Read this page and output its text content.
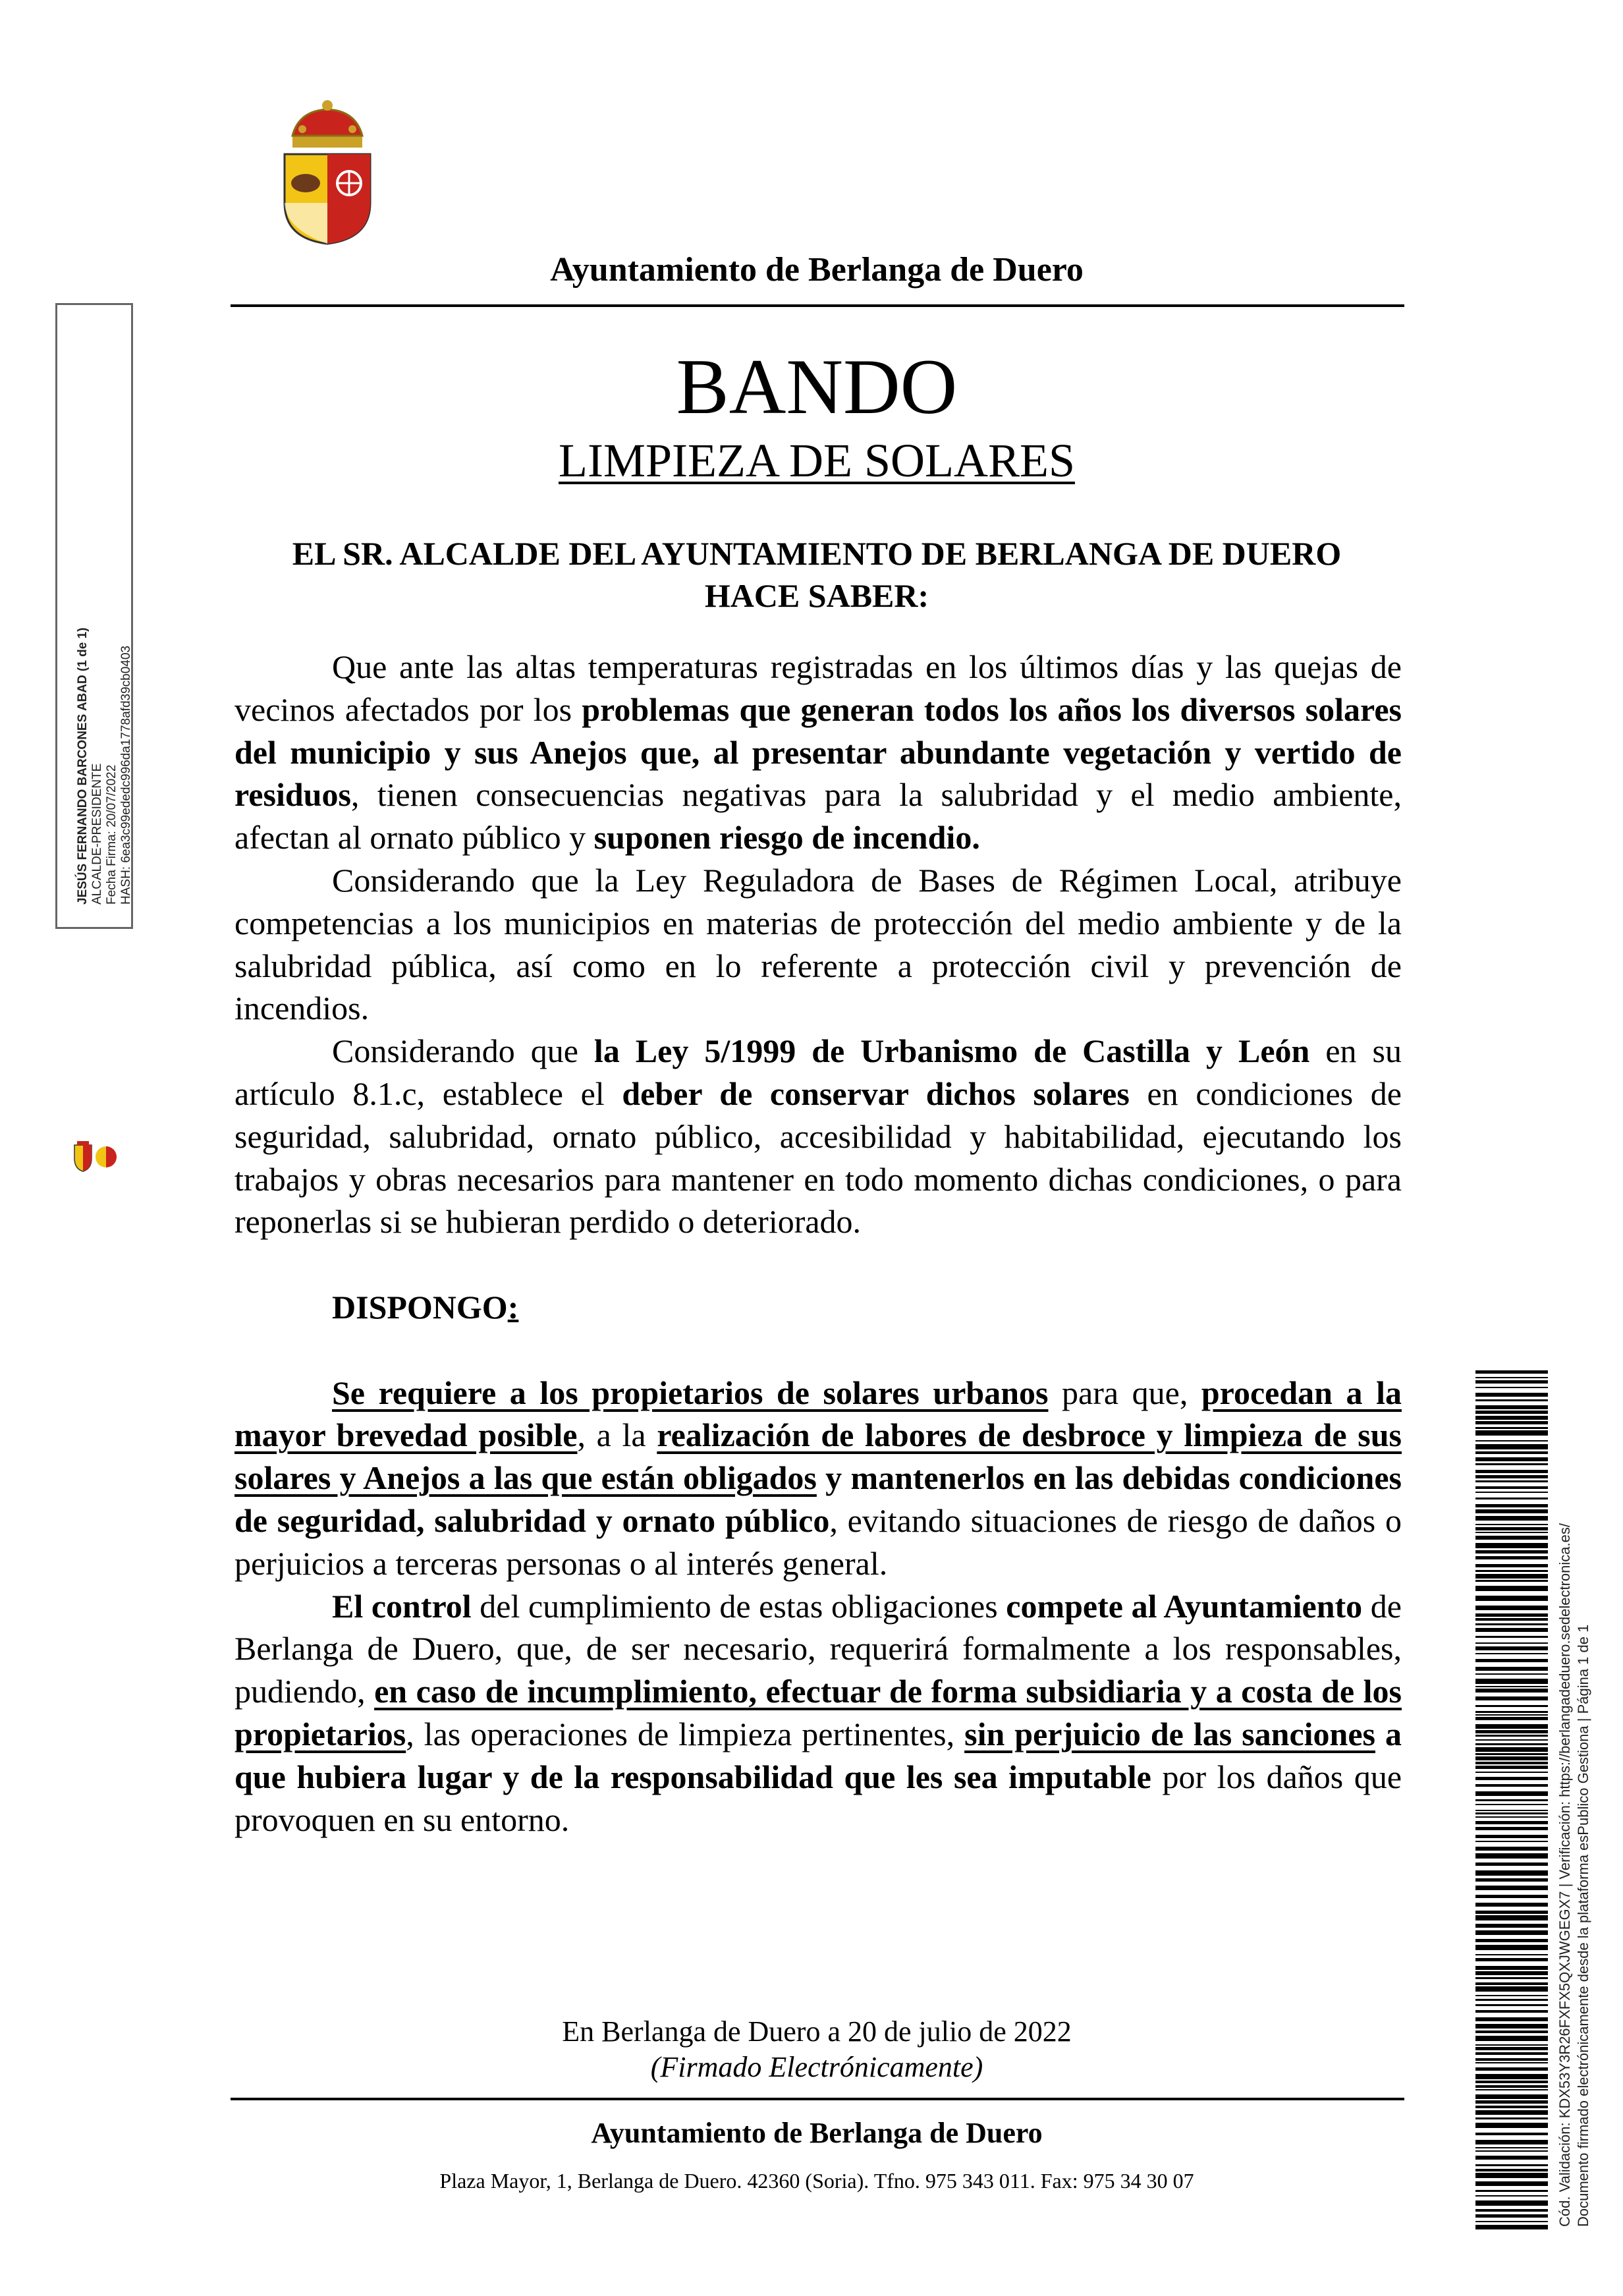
Ayuntamiento de Berlanga de Duero
BANDO
LIMPIEZA DE SOLARES
EL SR. ALCALDE DEL AYUNTAMIENTO DE BERLANGA DE DUERO
HACE SABER:

Que ante las altas temperaturas registradas en los últimos días y las quejas de vecinos afectados por los problemas que generan todos los años los diversos solares del municipio y sus Anejos que, al presentar abundante vegetación y vertido de residuos, tienen consecuencias negativas para la salubridad y el medio ambiente, afectan al ornato público y suponen riesgo de incendio.

Considerando que la Ley Reguladora de Bases de Régimen Local, atribuye competencias a los municipios en materias de protección del medio ambiente y de la salubridad pública, así como en lo referente a protección civil y prevención de incendios.

Considerando que la Ley 5/1999 de Urbanismo de Castilla y León en su artículo 8.1.c, establece el deber de conservar dichos solares en condiciones de seguridad, salubridad, ornato público, accesibilidad y habitabilidad, ejecutando los trabajos y obras necesarios para mantener en todo momento dichas condiciones, o para reponerlas si se hubieran perdido o deteriorado.

DISPONGO:

Se requiere a los propietarios de solares urbanos para que, procedan a la mayor brevedad posible, a la realización de labores de desbroce y limpieza de sus solares y Anejos a las que están obligados y mantenerlos en las debidas condiciones de seguridad, salubridad y ornato público, evitando situaciones de riesgo de daños o perjuicios a terceras personas o al interés general.

El control del cumplimiento de estas obligaciones compete al Ayuntamiento de Berlanga de Duero, que, de ser necesario, requerirá formalmente a los responsables, pudiendo, en caso de incumplimiento, efectuar de forma subsidiaria y a costa de los propietarios, las operaciones de limpieza pertinentes, sin perjuicio de las sanciones a que hubiera lugar y de la responsabilidad que les sea imputable por los daños que provoquen en su entorno.

En Berlanga de Duero a 20 de julio de 2022
(Firmado Electrónicamente)
Ayuntamiento de Berlanga de Duero
Plaza Mayor, 1, Berlanga de Duero. 42360 (Soria). Tfno. 975 343 011. Fax: 975 34 30 07
JESÚS FERNANDO BARCONES ABAD (1 de 1) ALCALDE-PRESIDENTE Fecha Firma: 20/07/2022 HASH: 6ea3c99ededc996da1778afd39cb0403
Cód. Validación: KDX53Y3R26FXFX5QXJWGEGX7 | Verificación: https://berlangadeduero.sedelectronica.es/ Documento firmado electrónicamente desde la plataforma esPublico Gestiona | Página 1 de 1
